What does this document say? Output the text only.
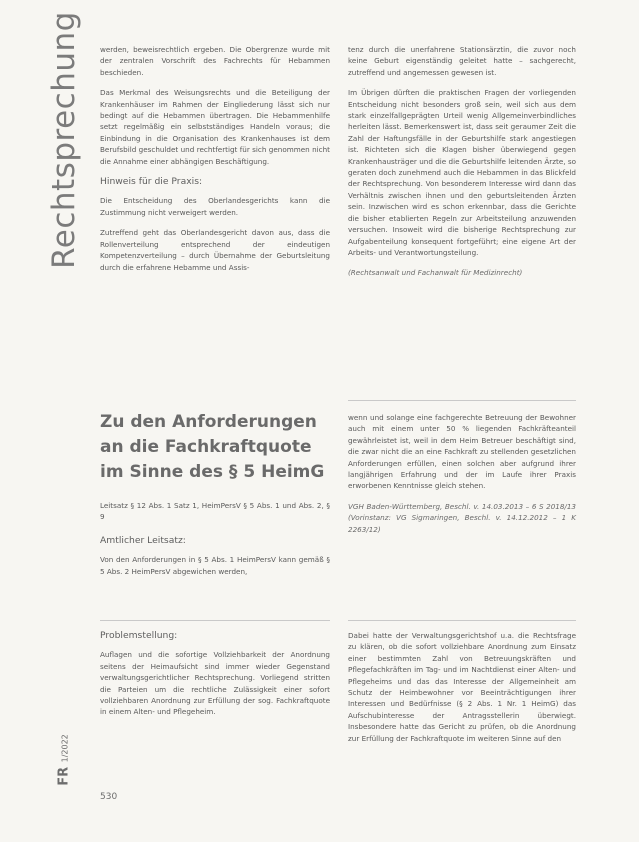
Rechtsprechung	werden, beweisrechtlich ergeben. Die Obergrenze wurde mit der zentralen Vorschrift des Fachrechts für Hebammen beschieden.

Das Merkmal des Weisungsrechts und die Beteiligung der Krankenhäuser im Rahmen der Eingliederung lässt sich nur bedingt auf die Hebammen übertragen. Die Hebammenhilfe setzt regelmäßig ein selbstständiges Handeln voraus; die Einbindung in die Organisation des Krankenhauses ist dem Berufsbild geschuldet und rechtfertigt für sich genommen nicht die Annahme einer abhängigen Beschäftigung.

Hinweis für die Praxis:

Die Entscheidung des Oberlandesgerichts kann die Zustimmung nicht verweigert werden.

Zutreffend geht das Oberlandesgericht davon aus, dass die Rollenverteilung entsprechend der eindeutigen Kompetenzverteilung – durch Übernahme der Geburtsleitung durch die erfahrene Hebamme und Assis-

tenz durch die unerfahrene Stationsärztin, die zuvor noch keine Geburt eigenständig geleitet hatte – sachgerecht, zutreffend und angemessen gewesen ist.

Im Übrigen dürften die praktischen Fragen der vorliegenden Entscheidung nicht besonders groß sein, weil sich aus dem stark einzelfallgeprägten Urteil wenig Allgemeinverbindliches herleiten lässt. Bemerkenswert ist, dass seit geraumer Zeit die Zahl der Haftungsfälle in der Geburtshilfe stark angestiegen ist. Richteten sich die Klagen bisher überwiegend gegen Krankenhausträger und die die Geburtshilfe leitenden Ärzte, so geraten doch zunehmend auch die Hebammen in das Blickfeld der Rechtsprechung. Von besonderem Interesse wird dann das Verhältnis zwischen ihnen und den geburtsleitenden Ärzten sein. Inzwischen wird es schon erkennbar, dass die Gerichte die bisher etablierten Regeln zur Arbeitsteilung anzuwenden versuchen. Insoweit wird die bisherige Rechtsprechung zur Aufgabenteilung konsequent fortgeführt; eine eigene Art der Arbeits- und Verantwortungsteilung.

(Rechtsanwalt und Fachanwalt für Medizinrecht)

Zu den Anforderungen an die Fachkraftquote im Sinne des § 5 HeimG

Leitsatz § 12 Abs. 1 Satz 1, HeimPersV § 5 Abs. 1 und Abs. 2, § 9

Amtlicher Leitsatz:

Von den Anforderungen in § 5 Abs. 1 HeimPersV kann gemäß § 5 Abs. 2 HeimPersV abgewichen werden,

Problemstellung:

Auflagen und die sofortige Vollziehbarkeit der Anordnung seitens der Heimaufsicht sind immer wieder Gegenstand verwaltungsgerichtlicher Rechtsprechung. Vorliegend stritten die Parteien um die rechtliche Zulässigkeit einer sofort vollziehbaren Anordnung zur Erfüllung der sog. Fachkraftquote in einem Alten- und Pflegeheim.

wenn und solange eine fachgerechte Betreuung der Bewohner auch mit einem unter 50 % liegenden Fachkräfteanteil gewährleistet ist, weil in dem Heim Betreuer beschäftigt sind, die zwar nicht die an eine Fachkraft zu stellenden gesetzlichen Anforderungen erfüllen, einen solchen aber aufgrund ihrer langjährigen Erfahrung und der im Laufe ihrer Praxis erworbenen Kenntnisse gleich stehen.

VGH Baden-Württemberg, Beschl. v. 14.03.2013 – 6 S 2018/13 (Vorinstanz: VG Sigmaringen, Beschl. v. 14.12.2012 – 1 K 2263/12)

Dabei hatte der Verwaltungsgerichtshof u.a. die Rechtsfrage zu klären, ob die sofort vollziehbare Anordnung zum Einsatz einer bestimmten Zahl von Betreuungskräften und Pflegefachkräften im Tag- und im Nachtdienst einer Alten- und Pflegeheims und das das Interesse der Allgemeinheit am Schutz der Heimbewohner vor Beeinträchtigungen ihrer Interessen und Bedürfnisse (§ 2 Abs. 1 Nr. 1 HeimG) das Aufschubinteresse der Antragsstellerin überwiegt. Insbesondere hatte das Gericht zu prüfen, ob die Anordnung zur Erfüllung der Fachkraftquote im weiteren Sinne auf den

FR 1/2022
530
